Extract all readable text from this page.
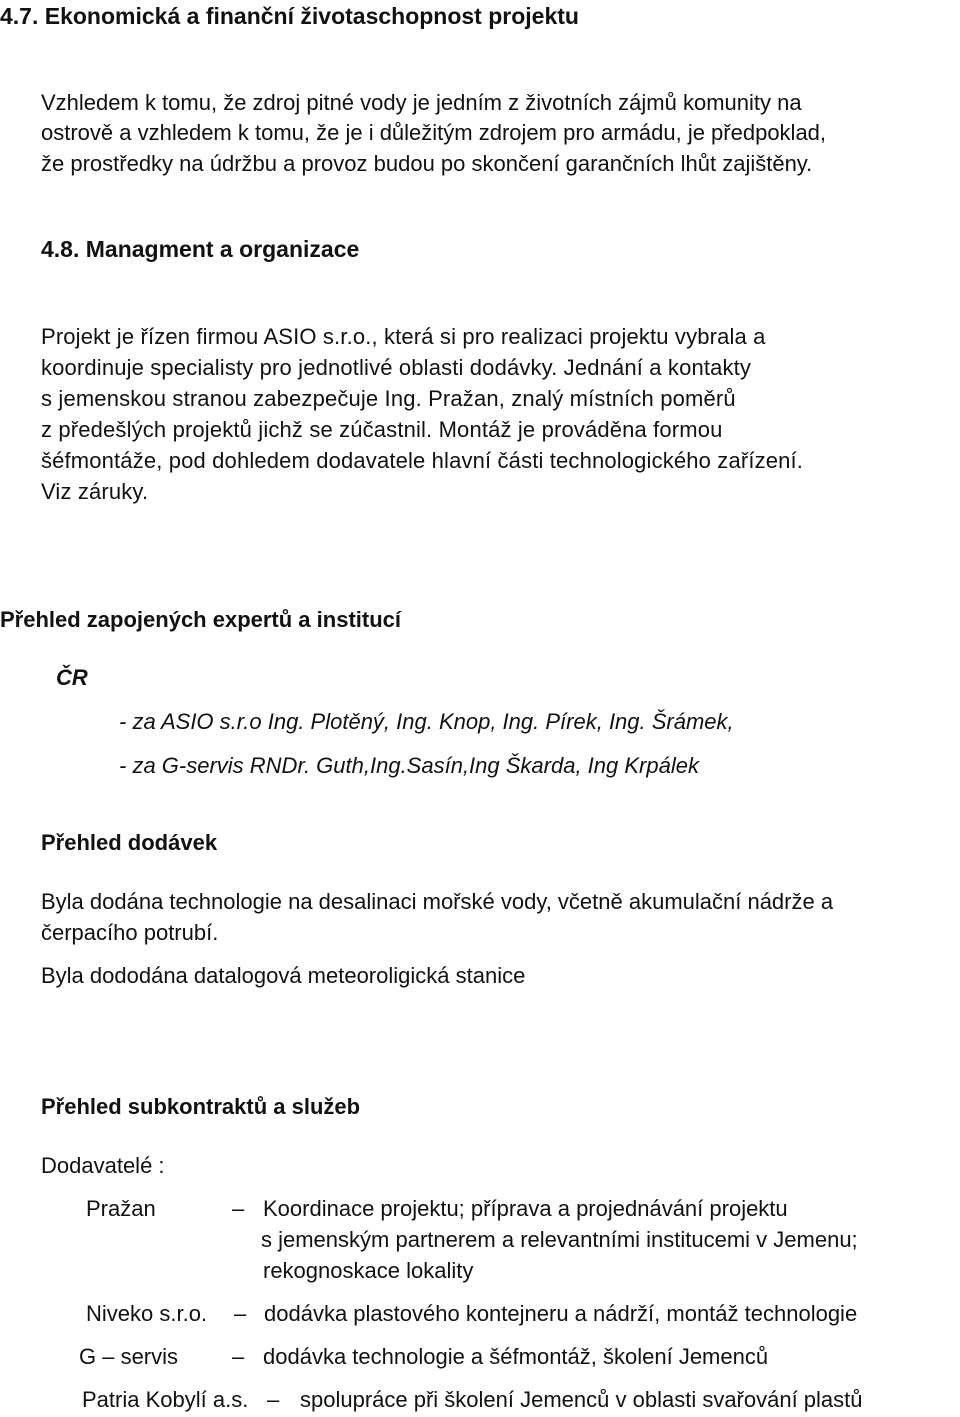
4.7. Ekonomická a finanční životaschopnost projektu
Vzhledem k tomu, že zdroj pitné vody je jedním z životních zájmů komunity na
ostrově a vzhledem k tomu, že je i důležitým zdrojem pro armádu, je předpoklad,
že prostředky na údržbu a provoz budou po skončení garančních lhůt zajištěny.
4.8. Managment a organizace
Projekt je řízen firmou ASIO s.r.o., která si pro realizaci projektu vybrala a
koordinuje specialisty pro jednotlivé oblasti dodávky. Jednání a kontakty
s jemenskou stranou zabezpečuje Ing. Pražan, znalý místních poměrů
z předešlých projektů jichž se zúčastnil. Montáž je prováděna formou
šéfmontáže, pod dohledem dodavatele hlavní části technologického zařízení.
Viz záruky.
Přehled zapojených expertů a institucí
ČR
- za ASIO s.r.o Ing. Plotěný, Ing. Knop, Ing. Pírek, Ing. Šrámek,
- za G-servis RNDr. Guth,Ing.Sasín,Ing Škarda, Ing Krpálek
Přehled dodávek
Byla dodána technologie na desalinaci mořské vody, včetně akumulační nádrže a
čerpacího potrubí.
Byla dododána datalogová meteoroligická stanice
Přehled subkontraktů a služeb
Dodavatelé :
Pražan	– Koordinace projektu; příprava a projednávání projektu
s jemenským partnerem a relevantními institucemi v Jemenu;
rekognoskace lokality
Niveko s.r.o. – dodávka plastového kontejneru a nádrží, montáž technologie
G – servis – dodávka technologie a šéfmontáž, školení Jemenců
Patria Kobylí a.s. – spolupráce při školení Jemenců v oblasti svařování plastů
